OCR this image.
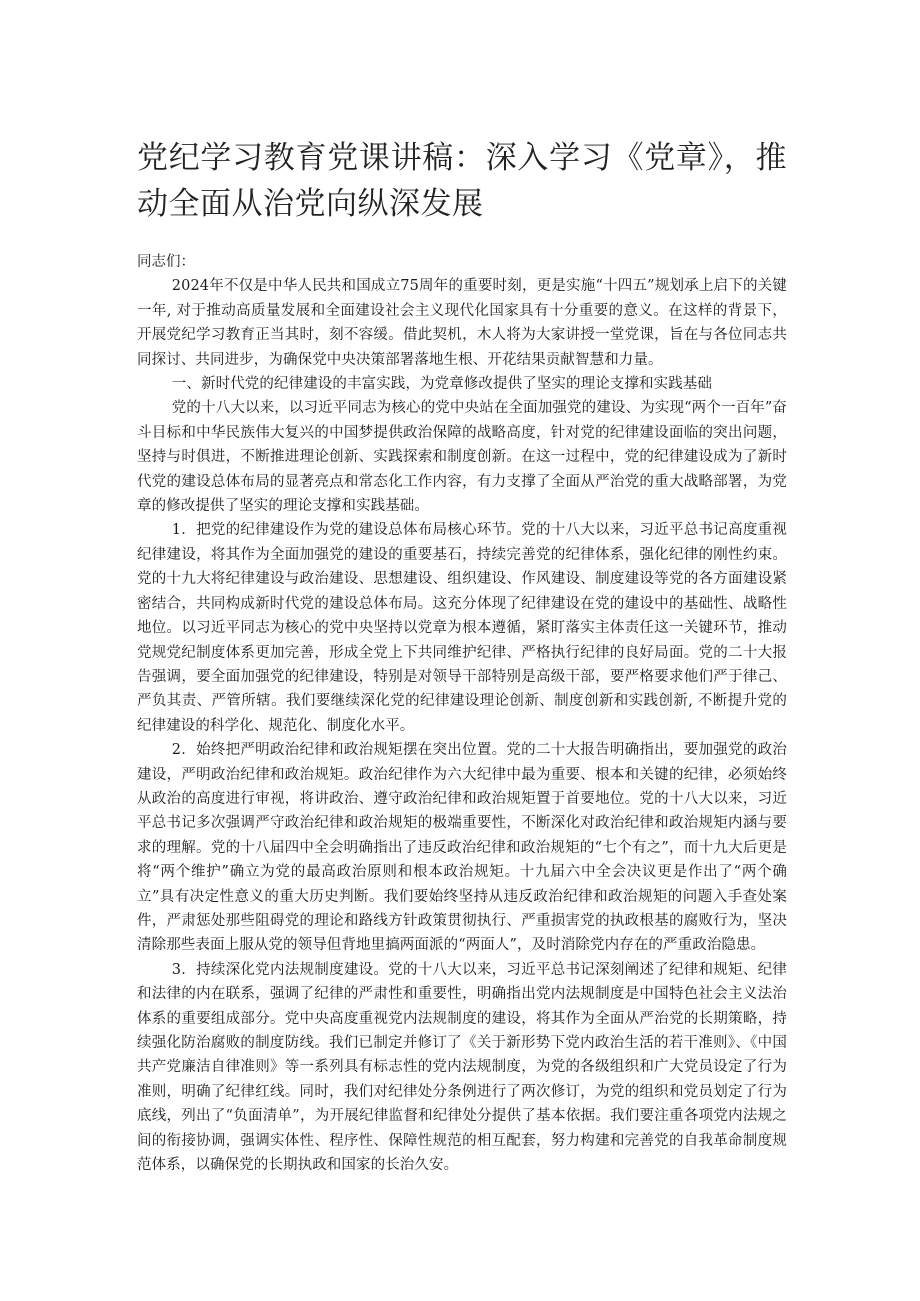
党纪学习教育党课讲稿：深入学习《党章》，推动全面从治党向纵深发展

同志们：

2024年不仅是中华人民共和国成立75周年的重要时刻，更是实施“十四五”规划承上启下的关键一年, 对于推动高质量发展和全面建设社会主义现代化国家具有十分重要的意义。在这样的背景下，开展党纪学习教育正当其时，刻不容缓。借此契机，木人将为大家讲授一堂党课，旨在与各位同志共同探讨、共同进步，为确保党中央决策部署落地生根、开花结果贡献智慧和力量。

一、新时代党的纪律建设的丰富实践，为党章修改提供了坚实的理论支撑和实践基础

党的十八大以来，以习近平同志为核心的党中央站在全面加强党的建设、为实现“两个一百年”奋斗目标和中华民族伟大复兴的中国梦提供政治保障的战略高度，针对党的纪律建设面临的突出问题，坚持与时俱进，不断推进理论创新、实践探索和制度创新。在这一过程中，党的纪律建设成为了新时代党的建设总体布局的显著亮点和常态化工作内容，有力支撑了全面从严治党的重大战略部署，为党章的修改提供了坚实的理论支撑和实践基础。

1．把党的纪律建设作为党的建设总体布局核心环节。党的十八大以来，习近平总书记高度重视纪律建设，将其作为全面加强党的建设的重要基石，持续完善党的纪律体系，强化纪律的刚性约束。党的十九大将纪律建设与政治建设、思想建设、组织建设、作风建设、制度建设等党的各方面建设紧密结合，共同构成新时代党的建设总体布局。这充分体现了纪律建设在党的建设中的基础性、战略性地位。以习近平同志为核心的党中央坚持以党章为根本遵循，紧盯落实主体责任这一关键环节，推动党规党纪制度体系更加完善，形成全党上下共同维护纪律、严格执行纪律的良好局面。党的二十大报告强调，要全面加强党的纪律建设，特别是对领导干部特别是高级干部，要严格要求他们严于律己、严负其责、严管所辖。我们要继续深化党的纪律建设理论创新、制度创新和实践创新, 不断提升党的纪律建设的科学化、规范化、制度化水平。

2．始终把严明政治纪律和政治规矩摆在突出位置。党的二十大报告明确指出，要加强党的政治建设，严明政治纪律和政治规矩。政治纪律作为六大纪律中最为重要、根本和关键的纪律，必须始终从政治的高度进行审视，将讲政治、遵守政治纪律和政治规矩置于首要地位。党的十八大以来，习近平总书记多次强调严守政治纪律和政治规矩的极端重要性，不断深化对政治纪律和政治规矩内涵与要求的理解。党的十八届四中全会明确指出了违反政治纪律和政治规矩的“七个有之”，而十九大后更是将“两个维护”确立为党的最高政治原则和根本政治规矩。十九届六中全会决议更是作出了“两个确立”具有决定性意义的重大历史判断。我们要始终坚持从违反政治纪律和政治规矩的问题入手查处案件，严肃惩处那些阻碍党的理论和路线方针政策贯彻执行、严重损害党的执政根基的腐败行为，坚决清除那些表面上服从党的领导但背地里搞两面派的“两面人”，及时消除党内存在的严重政治隐患。

3．持续深化党内法规制度建设。党的十八大以来，习近平总书记深刻阐述了纪律和规矩、纪律和法律的内在联系，强调了纪律的严肃性和重要性，明确指出党内法规制度是中国特色社会主义法治体系的重要组成部分。党中央高度重视党内法规制度的建设，将其作为全面从严治党的长期策略，持续强化防治腐败的制度防线。我们已制定并修订了《关于新形势下党内政治生活的若干准则》、《中国共产党廉洁自律准则》等一系列具有标志性的党内法规制度，为党的各级组织和广大党员设定了行为准则，明确了纪律红线。同时，我们对纪律处分条例进行了两次修订，为党的组织和党员划定了行为底线，列出了“负面清单”，为开展纪律监督和纪律处分提供了基本依据。我们要注重各项党内法规之间的衔接协调，强调实体性、程序性、保障性规范的相互配套，努力构建和完善党的自我革命制度规范体系，以确保党的长期执政和国家的长治久安。
